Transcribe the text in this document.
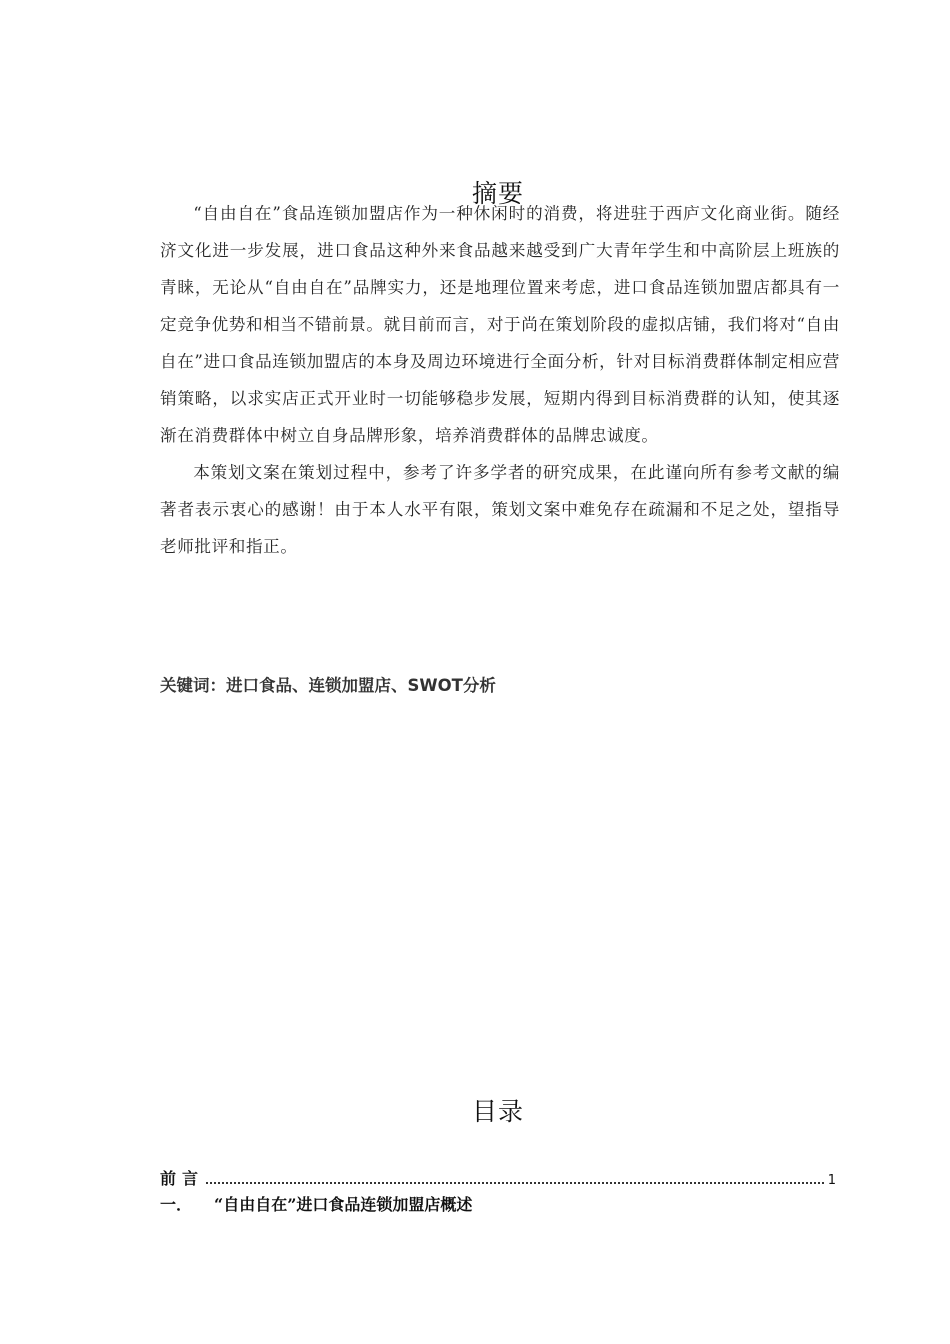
摘要

“自由自在”食品连锁加盟店作为一种休闲时的消费，将进驻于西庐文化商业街。随经济文化进一步发展，进口食品这种外来食品越来越受到广大青年学生和中高阶层上班族的青睐，无论从“自由自在”品牌实力，还是地理位置来考虑，进口食品连锁加盟店都具有一定竞争优势和相当不错前景。就目前而言，对于尚在策划阶段的虚拟店铺，我们将对“自由自在”进口食品连锁加盟店的本身及周边环境进行全面分析，针对目标消费群体制定相应营销策略，以求实店正式开业时一切能够稳步发展，短期内得到目标消费群的认知，使其逐渐在消费群体中树立自身品牌形象，培养消费群体的品牌忠诚度。

本策划文案在策划过程中，参考了许多学者的研究成果，在此谨向所有参考文献的编著者表示衷心的感谢！由于本人水平有限，策划文案中难免存在疏漏和不足之处，望指导老师批评和指正。

关键词：进口食品、连锁加盟店、SWOT分析
目录
前言	1
一．	“自由自在”进口食品连锁加盟店概述
